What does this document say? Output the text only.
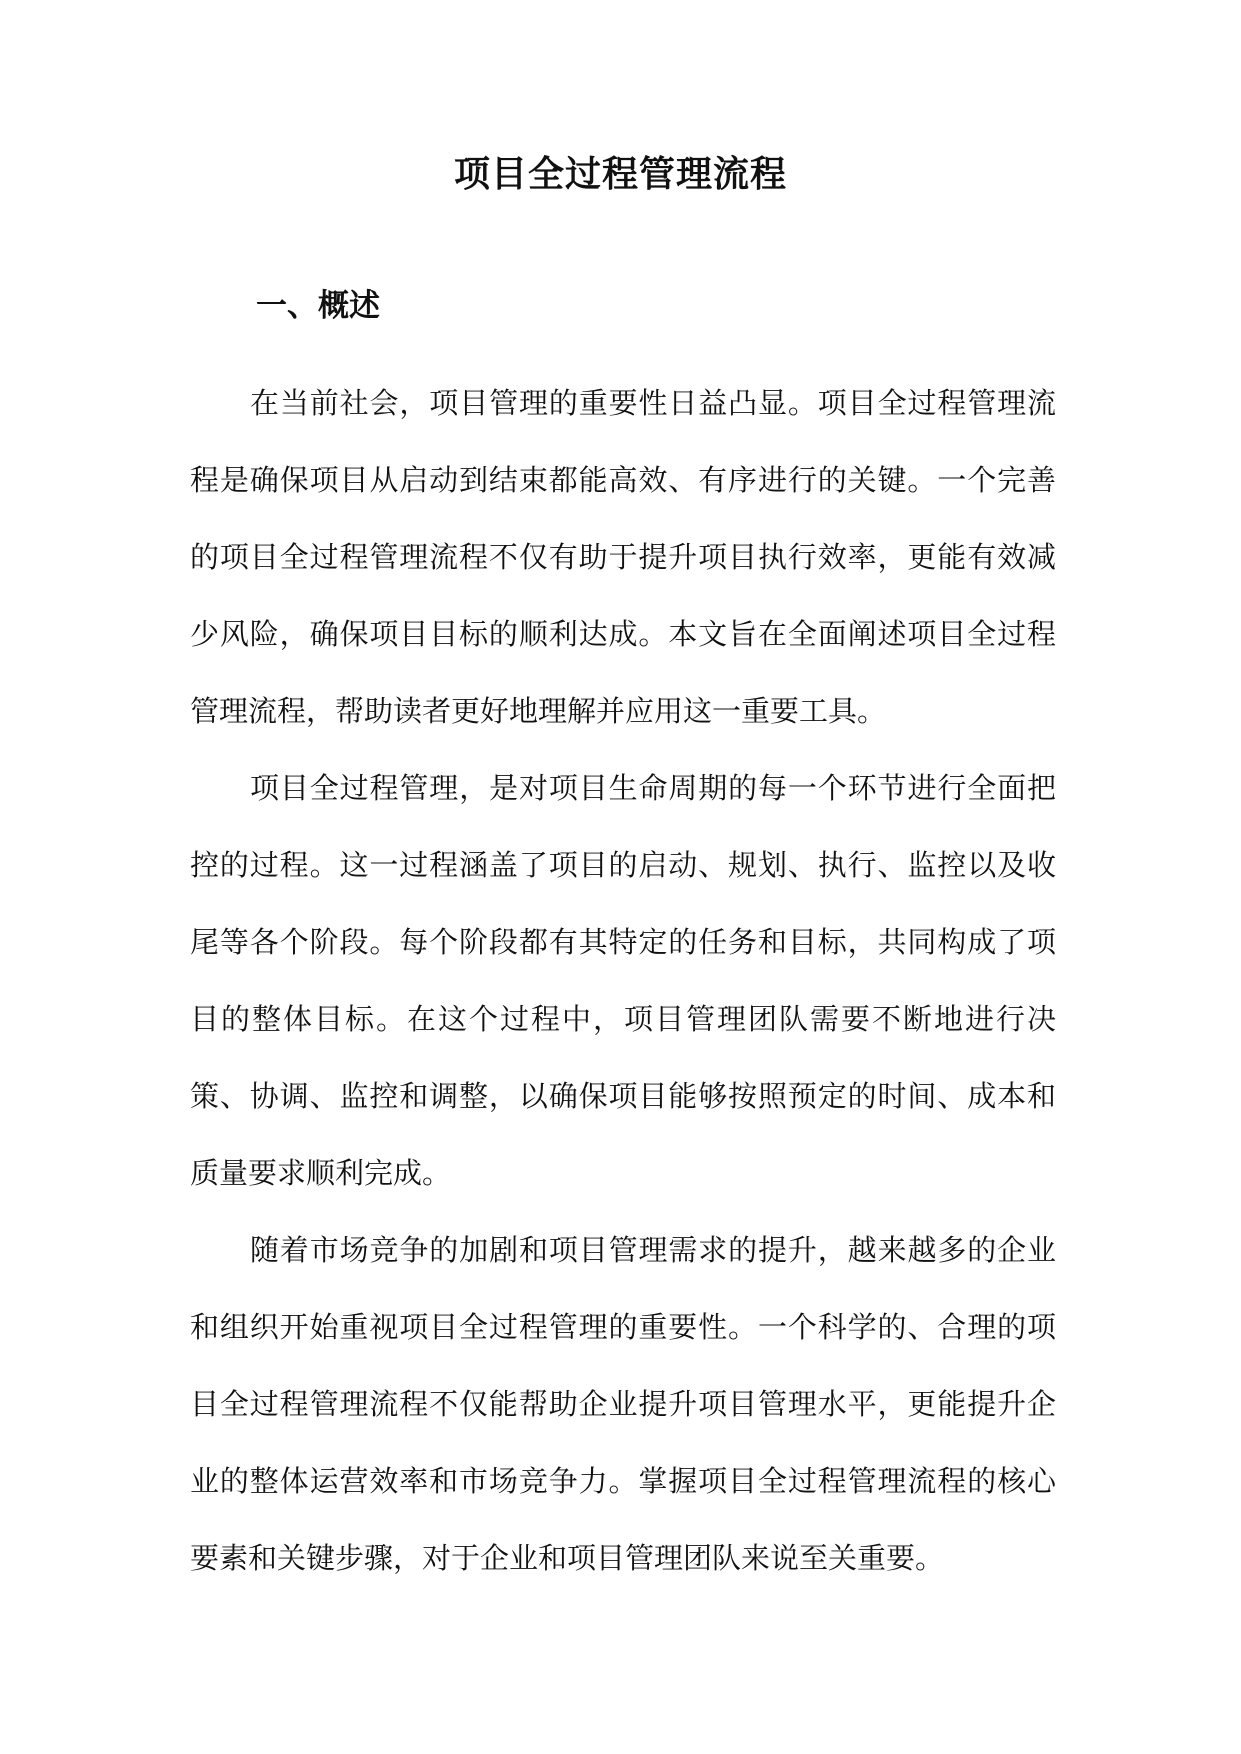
项目全过程管理流程
一、概述

在当前社会，项目管理的重要性日益凸显。项目全过程管理流程是确保项目从启动到结束都能高效、有序进行的关键。一个完善的项目全过程管理流程不仅有助于提升项目执行效率，更能有效减少风险，确保项目目标的顺利达成。本文旨在全面阐述项目全过程管理流程，帮助读者更好地理解并应用这一重要工具。

项目全过程管理，是对项目生命周期的每一个环节进行全面把控的过程。这一过程涵盖了项目的启动、规划、执行、监控以及收尾等各个阶段。每个阶段都有其特定的任务和目标，共同构成了项目的整体目标。在这个过程中，项目管理团队需要不断地进行决策、协调、监控和调整，以确保项目能够按照预定的时间、成本和质量要求顺利完成。

随着市场竞争的加剧和项目管理需求的提升，越来越多的企业和组织开始重视项目全过程管理的重要性。一个科学的、合理的项目全过程管理流程不仅能帮助企业提升项目管理水平，更能提升企业的整体运营效率和市场竞争力。掌握项目全过程管理流程的核心要素和关键步骤，对于企业和项目管理团队来说至关重要。
